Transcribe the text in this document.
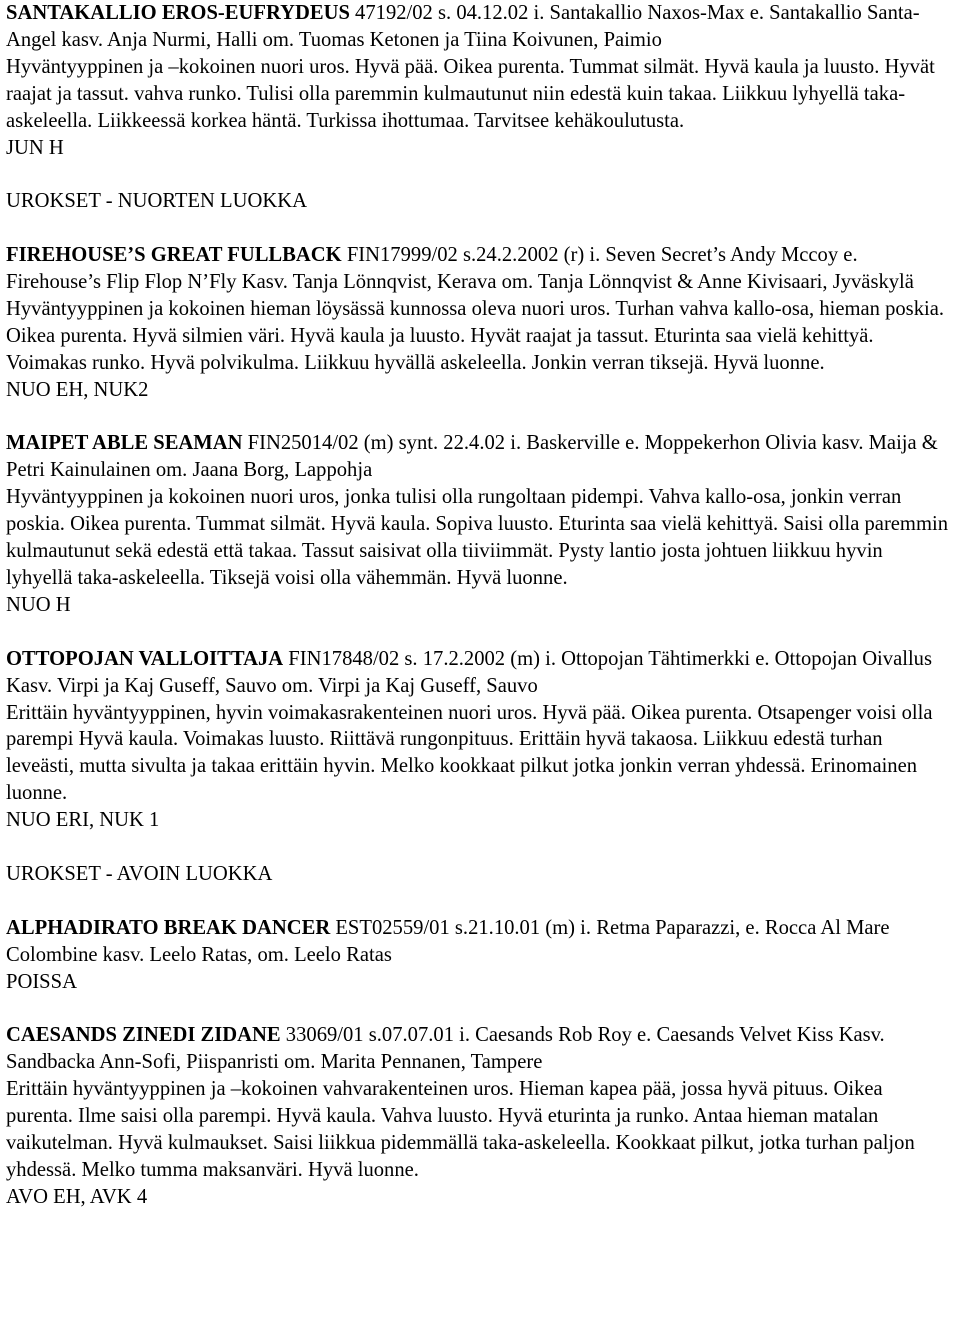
SANTAKALLIO EROS-EUFRYDEUS 47192/02 s. 04.12.02 i. Santakallio Naxos-Max e. Santakallio Santa-Angel kasv. Anja Nurmi, Halli om. Tuomas Ketonen ja Tiina Koivunen, Paimio

Hyväntyyppinen ja –kokoinen nuori uros. Hyvä pää. Oikea purenta. Tummat silmät. Hyvä kaula ja luusto. Hyvät raajat ja tassut. vahva runko. Tulisi olla paremmin kulmautunut niin edestä kuin takaa. Liikkuu lyhyellä taka-askeleella. Liikkeessä korkea häntä. Turkissa ihottumaa. Tarvitsee kehäkoulutusta.

JUN H

UROKSET - NUORTEN LUOKKA

FIREHOUSE’S GREAT FULLBACK FIN17999/02 s.24.2.2002 (r) i. Seven Secret’s Andy Mccoy e. Firehouse’s Flip Flop N’Fly Kasv. Tanja Lönnqvist, Kerava om. Tanja Lönnqvist & Anne Kivisaari, Jyväskylä

Hyväntyyppinen ja kokoinen hieman löysässä kunnossa oleva nuori uros. Turhan vahva kallo-osa, hieman poskia. Oikea purenta. Hyvä silmien väri. Hyvä kaula ja luusto. Hyvät raajat ja tassut. Eturinta saa vielä kehittyä. Voimakas runko. Hyvä polvikulma. Liikkuu hyvällä askeleella. Jonkin verran tiksejä. Hyvä luonne.

NUO EH, NUK2

MAIPET ABLE SEAMAN FIN25014/02 (m) synt. 22.4.02 i. Baskerville e. Moppekerhon Olivia kasv. Maija & Petri Kainulainen om. Jaana Borg, Lappohja

Hyväntyyppinen ja kokoinen nuori uros, jonka tulisi olla rungoltaan pidempi. Vahva kallo-osa, jonkin verran poskia. Oikea purenta. Tummat silmät. Hyvä kaula. Sopiva luusto. Eturinta saa vielä kehittyä. Saisi olla paremmin kulmautunut sekä edestä että takaa. Tassut saisivat olla tiiviimmät. Pysty lantio josta johtuen liikkuu hyvin lyhyellä taka-askeleella. Tiksejä voisi olla vähemmän. Hyvä luonne.

NUO H

OTTOPOJAN VALLOITTAJA FIN17848/02 s. 17.2.2002 (m) i. Ottopojan Tähtimerkki e. Ottopojan Oivallus Kasv. Virpi ja Kaj Guseff, Sauvo om. Virpi ja Kaj Guseff, Sauvo

Erittäin hyväntyyppinen, hyvin voimakasrakenteinen nuori uros. Hyvä pää. Oikea purenta. Otsapenger voisi olla parempi Hyvä kaula. Voimakas luusto. Riittävä rungonpituus. Erittäin hyvä takaosa. Liikkuu edestä turhan leveästi, mutta sivulta ja takaa erittäin hyvin. Melko kookkaat pilkut jotka jonkin verran yhdessä. Erinomainen luonne.

NUO ERI, NUK 1

UROKSET - AVOIN LUOKKA

ALPHADIRATO BREAK DANCER EST02559/01 s.21.10.01 (m) i. Retma Paparazzi, e. Rocca Al Mare Colombine kasv. Leelo Ratas, om. Leelo Ratas

POISSA

CAESANDS ZINEDI ZIDANE 33069/01 s.07.07.01 i. Caesands Rob Roy e. Caesands Velvet Kiss Kasv. Sandbacka Ann-Sofi, Piispanristi om. Marita Pennanen, Tampere

Erittäin hyväntyyppinen ja –kokoinen vahvarakenteinen uros. Hieman kapea pää, jossa hyvä pituus. Oikea purenta. Ilme saisi olla parempi. Hyvä kaula. Vahva luusto. Hyvä eturinta ja runko. Antaa hieman matalan vaikutelman. Hyvä kulmaukset. Saisi liikkua pidemmällä taka-askeleella. Kookkaat pilkut, jotka turhan paljon yhdessä. Melko tumma maksanväri. Hyvä luonne.

AVO EH, AVK 4
